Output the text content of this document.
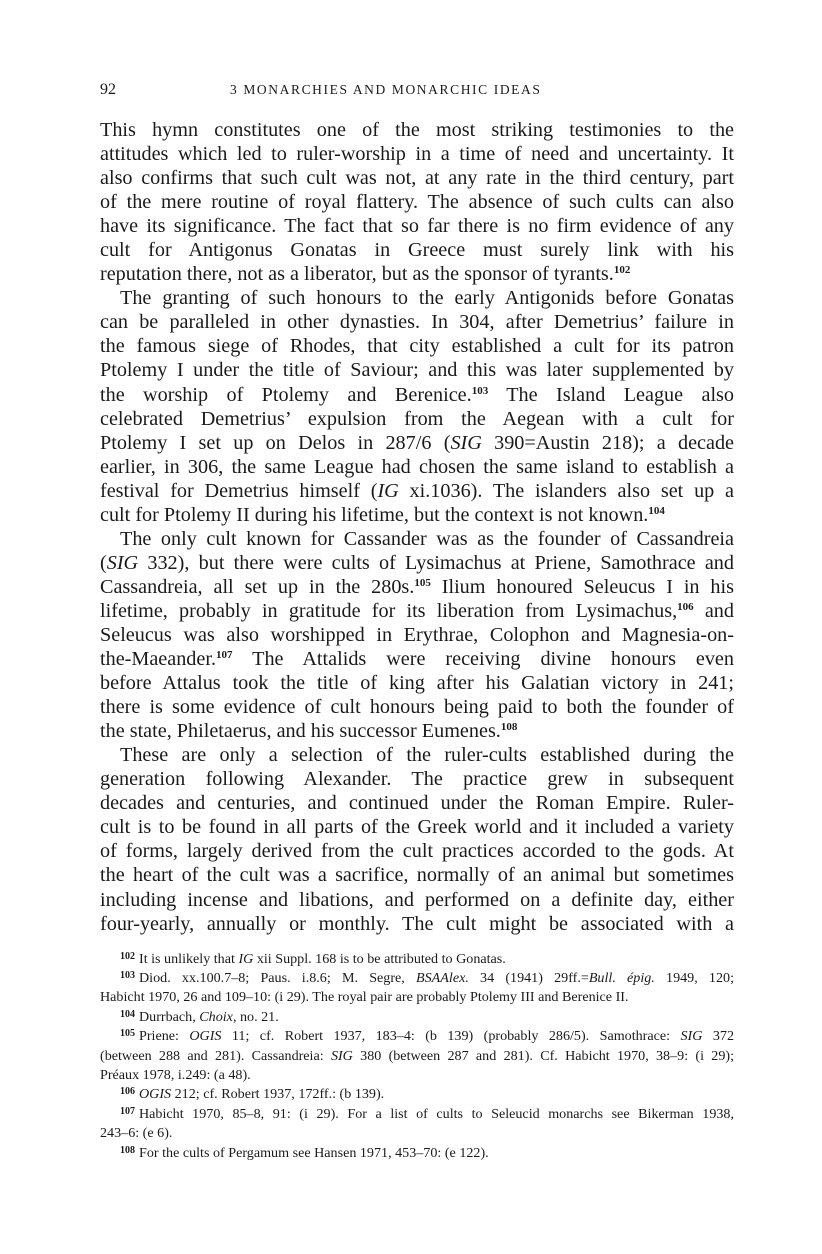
92	3 MONARCHIES AND MONARCHIC IDEAS
This hymn constitutes one of the most striking testimonies to the
attitudes which led to ruler-worship in a time of need and uncertainty. It
also confirms that such cult was not, at any rate in the third century, part
of the mere routine of royal flattery. The absence of such cults can also
have its significance. The fact that so far there is no firm evidence of any
cult for Antigonus Gonatas in Greece must surely link with his
reputation there, not as a liberator, but as the sponsor of tyrants.$^{102}$
The granting of such honours to the early Antigonids before Gonatas
can be paralleled in other dynasties. In 304, after Demetrius’ failure in
the famous siege of Rhodes, that city established a cult for its patron
Ptolemy I under the title of Saviour; and this was later supplemented by
the worship of Ptolemy and Berenice.$^{103}$ The Island League also
celebrated Demetrius’ expulsion from the Aegean with a cult for
Ptolemy I set up on Delos in 287/6 (SIG 390=Austin 218); a decade
earlier, in 306, the same League had chosen the same island to establish a
festival for Demetrius himself (IG xi.1036). The islanders also set up a
cult for Ptolemy II during his lifetime, but the context is not known.$^{104}$
The only cult known for Cassander was as the founder of Cassandreia
(SIG 332), but there were cults of Lysimachus at Priene, Samothrace and
Cassandreia, all set up in the 280s.$^{105}$ Ilium honoured Seleucus I in his
lifetime, probably in gratitude for its liberation from Lysimachus,$^{106}$ and
Seleucus was also worshipped in Erythrae, Colophon and Magnesia-on-
the-Maeander.$^{107}$ The Attalids were receiving divine honours even
before Attalus took the title of king after his Galatian victory in 241;
there is some evidence of cult honours being paid to both the founder of
the state, Philetaerus, and his successor Eumenes.$^{108}$
These are only a selection of the ruler-cults established during the
generation following Alexander. The practice grew in subsequent
decades and centuries, and continued under the Roman Empire. Ruler-
cult is to be found in all parts of the Greek world and it included a variety
of forms, largely derived from the cult practices accorded to the gods. At
the heart of the cult was a sacrifice, normally of an animal but sometimes
including incense and libations, and performed on a definite day, either
four-yearly, annually or monthly. The cult might be associated with a
$^{102}$ It is unlikely that IG xii Suppl. 168 is to be attributed to Gonatas.
$^{103}$ Diod. xx.100.7–8; Paus. i.8.6; M. Segre, BSAAlex. 34 (1941) 29ff.=Bull. épig. 1949, 120;
Habicht 1970, 26 and 109–10: (i 29). The royal pair are probably Ptolemy III and Berenice II.
$^{104}$ Durrbach, Choix, no. 21.
$^{105}$ Priene: OGIS 11; cf. Robert 1937, 183–4: (b 139) (probably 286/5). Samothrace: SIG 372
(between 288 and 281). Cassandreia: SIG 380 (between 287 and 281). Cf. Habicht 1970, 38–9: (i 29);
Préaux 1978, i.249: (a 48).
$^{106}$ OGIS 212; cf. Robert 1937, 172ff.: (b 139).
$^{107}$ Habicht 1970, 85–8, 91: (i 29). For a list of cults to Seleucid monarchs see Bikerman 1938,
243–6: (e 6).
$^{108}$ For the cults of Pergamum see Hansen 1971, 453–70: (e 122).
